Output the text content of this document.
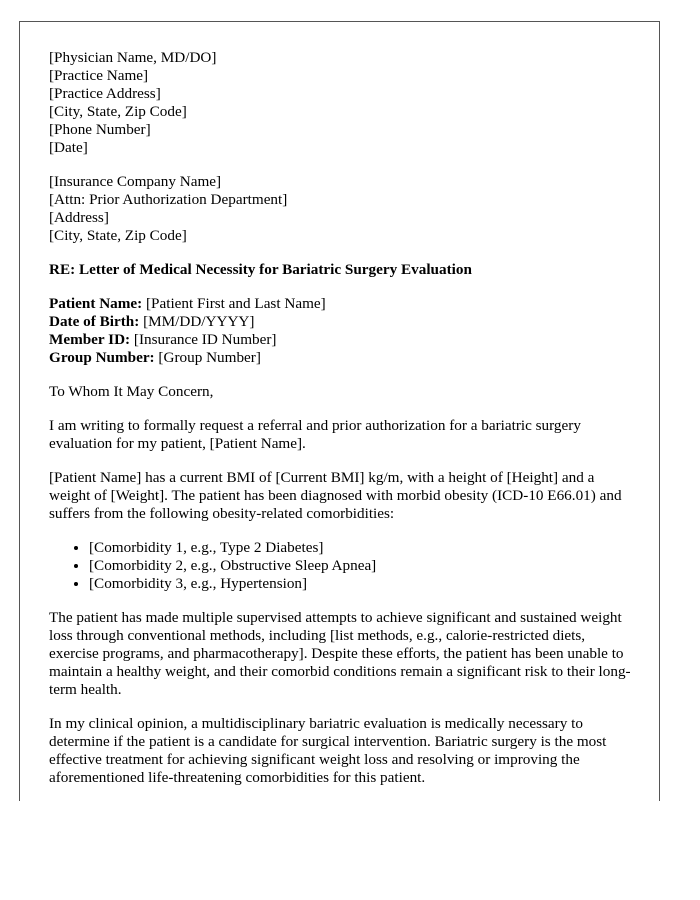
[Physician Name, MD/DO]
[Practice Name]
[Practice Address]
[City, State, Zip Code]
[Phone Number]
[Date]
[Insurance Company Name]
[Attn: Prior Authorization Department]
[Address]
[City, State, Zip Code]
RE: Letter of Medical Necessity for Bariatric Surgery Evaluation
Patient Name: [Patient First and Last Name]
Date of Birth: [MM/DD/YYYY]
Member ID: [Insurance ID Number]
Group Number: [Group Number]

To Whom It May Concern,

I am writing to formally request a referral and prior authorization for a bariatric surgery evaluation for my patient, [Patient Name].

[Patient Name] has a current BMI of [Current BMI] kg/m, with a height of [Height] and a weight of [Weight]. The patient has been diagnosed with morbid obesity (ICD-10 E66.01) and suffers from the following obesity-related comorbidities:

• [Comorbidity 1, e.g., Type 2 Diabetes]
• [Comorbidity 2, e.g., Obstructive Sleep Apnea]
• [Comorbidity 3, e.g., Hypertension]

The patient has made multiple supervised attempts to achieve significant and sustained weight loss through conventional methods, including [list methods, e.g., calorie-restricted diets, exercise programs, and pharmacotherapy]. Despite these efforts, the patient has been unable to maintain a healthy weight, and their comorbid conditions remain a significant risk to their long-term health.

In my clinical opinion, a multidisciplinary bariatric evaluation is medically necessary to determine if the patient is a candidate for surgical intervention. Bariatric surgery is the most effective treatment for achieving significant weight loss and resolving or improving the aforementioned life-threatening comorbidities for this patient.
